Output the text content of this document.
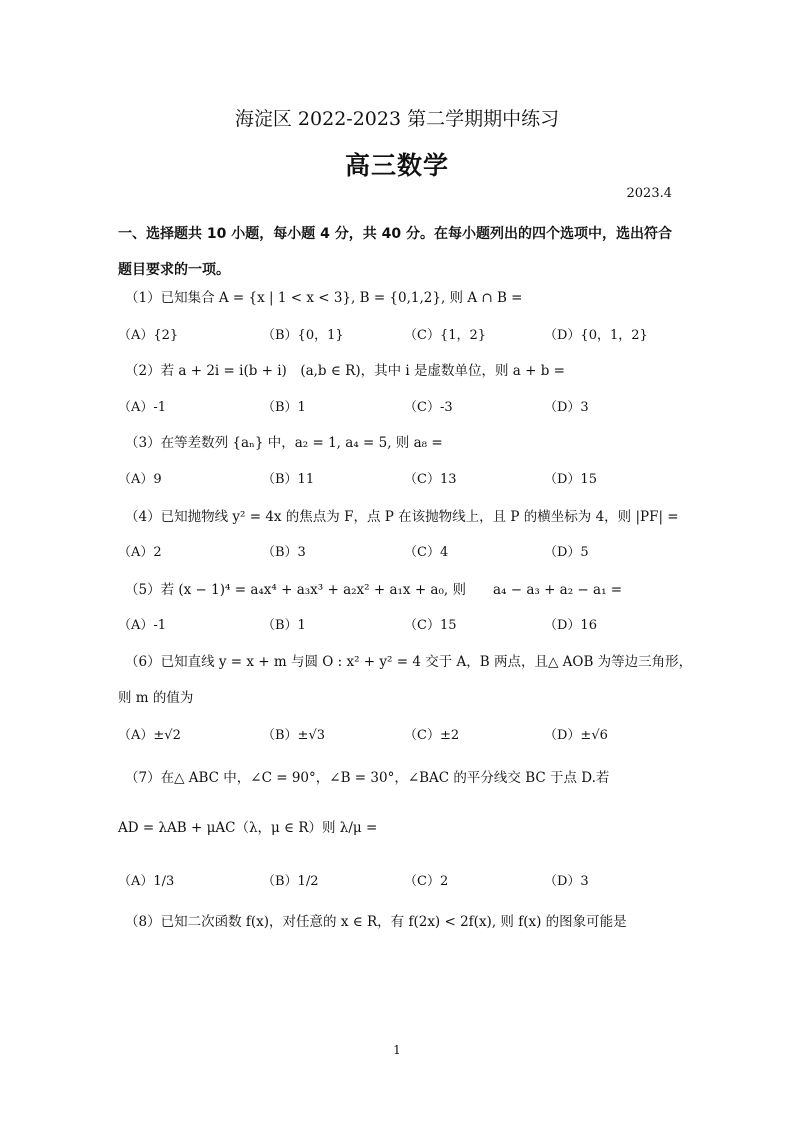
海淀区 2022-2023 第二学期期中练习
高三数学
2023.4
一、选择题共 10 小题，每小题 4 分，共 40 分。在每小题列出的四个选项中，选出符合题目要求的一项。
（1）已知集合 A = {x | 1 < x < 3}, B = {0,1,2}, 则 A ∩ B =
（A）{2}	（B）{0，1}	（C）{1，2}	（D）{0，1，2}
（2）若 a + 2i = i(b + i)　(a,b ∈ R)，其中 i 是虚数单位，则 a + b =
（A）-1	（B）1	（C）-3	（D）3
（3）在等差数列 {aₙ} 中，a₂ = 1, a₄ = 5, 则 a₈ =
（A）9	（B）11	（C）13	（D）15
（4）已知抛物线 y² = 4x 的焦点为 F，点 P 在该抛物线上，且 P 的横坐标为 4，则 |PF| =
（A）2	（B）3	（C）4	（D）5
（5）若 (x − 1)⁴ = a₄x⁴ + a₃x³ + a₂x² + a₁x + a₀, 则　　a₄ − a₃ + a₂ − a₁ =
（A）-1	（B）1	（C）15	（D）16
（6）已知直线 y = x + m 与圆 O : x² + y² = 4 交于 A，B 两点，且△ AOB 为等边三角形，
则 m 的值为
（A）±√2	（B）±√3	（C）±2	（D）±√6
（7）在△ ABC 中，∠C = 90°，∠B = 30°，∠BAC 的平分线交 BC 于点 D.若
AD = λAB + μAC（λ，μ ∈ R）则 λ/μ =
（A）1/3	（B）1/2	（C）2	（D）3
（8）已知二次函数 f(x)，对任意的 x ∈ R，有 f(2x) < 2f(x), 则 f(x) 的图象可能是
1
